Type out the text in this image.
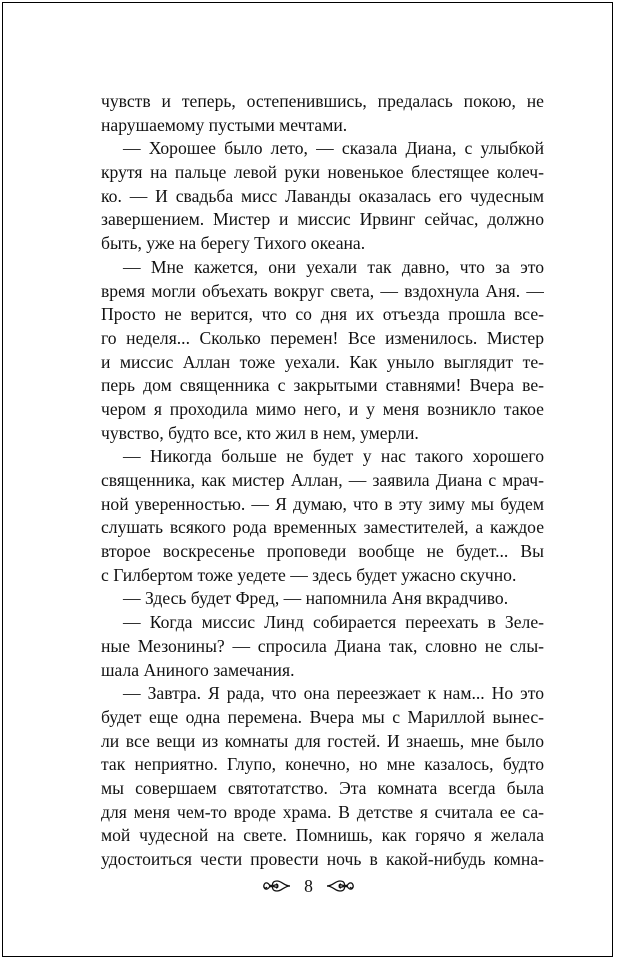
чувств и теперь, остепенившись, предалась покою, не
нарушаемому пустыми мечтами.
— Хорошее было лето, — сказала Диана, с улыбкой
крутя на пальце левой руки новенькое блестящее колеч-
ко. — И свадьба мисс Лаванды оказалась его чудесным
завершением. Мистер и миссис Ирвинг сейчас, должно
быть, уже на берегу Тихого океана.
— Мне кажется, они уехали так давно, что за это
время могли объехать вокруг света, — вздохнула Аня. —
Просто не верится, что со дня их отъезда прошла все-
го неделя... Сколько перемен! Все изменилось. Мистер
и миссис Аллан тоже уехали. Как уныло выглядит те-
перь дом священника с закрытыми ставнями! Вчера ве-
чером я проходила мимо него, и у меня возникло такое
чувство, будто все, кто жил в нем, умерли.
— Никогда больше не будет у нас такого хорошего
священника, как мистер Аллан, — заявила Диана с мрач-
ной уверенностью. — Я думаю, что в эту зиму мы будем
слушать всякого рода временных заместителей, а каждое
второе воскресенье проповеди вообще не будет... Вы
с Гилбертом тоже уедете — здесь будет ужасно скучно.
— Здесь будет Фред, — напомнила Аня вкрадчиво.
— Когда миссис Линд собирается переехать в Зеле-
ные Мезонины? — спросила Диана так, словно не слы-
шала Аниного замечания.
— Завтра. Я рада, что она переезжает к нам... Но это
будет еще одна перемена. Вчера мы с Мариллой вынес-
ли все вещи из комнаты для гостей. И знаешь, мне было
так неприятно. Глупо, конечно, но мне казалось, будто
мы совершаем святотатство. Эта комната всегда была
для меня чем-то вроде храма. В детстве я считала ее са-
мой чудесной на свете. Помнишь, как горячо я желала
удостоиться чести провести ночь в какой-нибудь комна-
8
